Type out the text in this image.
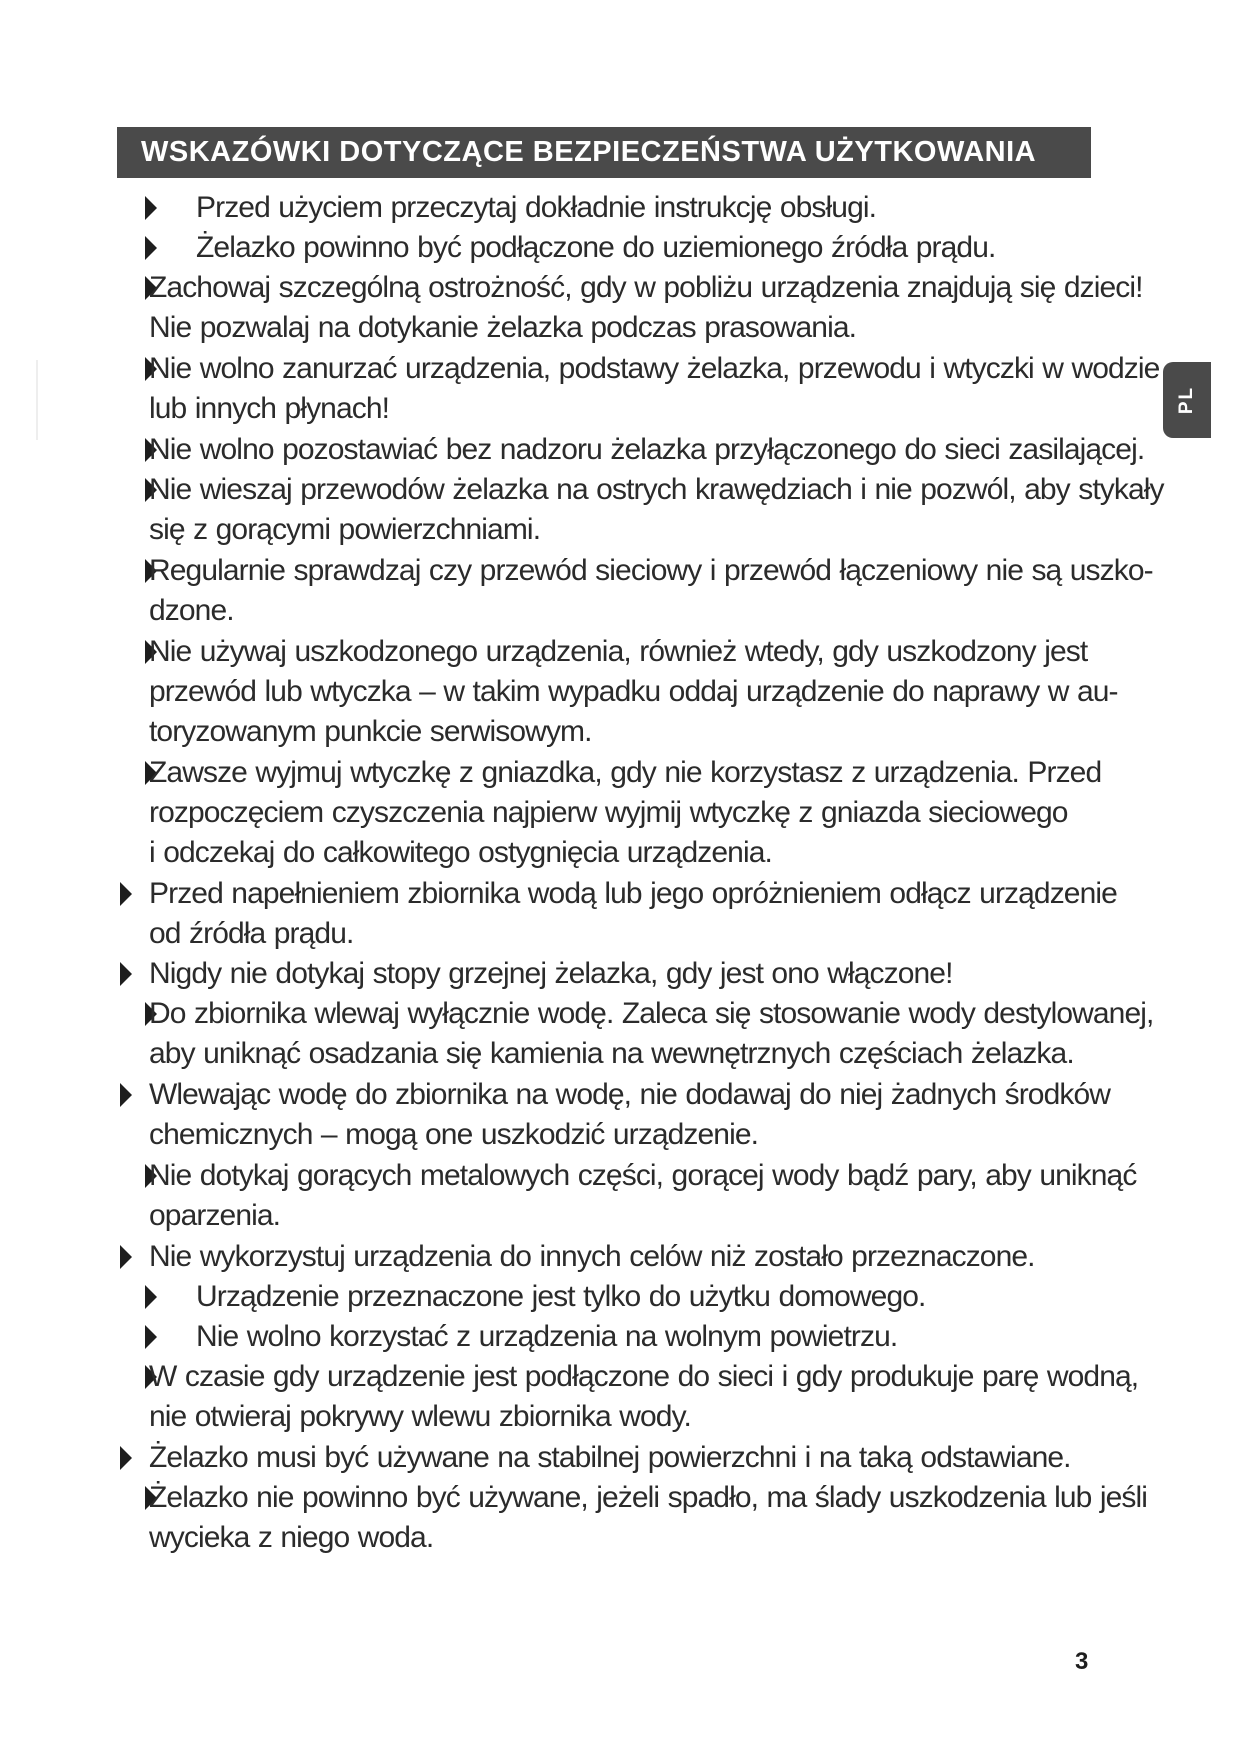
WSKAZÓWKI DOTYCZĄCE BEZPIECZEŃSTWA UŻYTKOWANIA
PL
Przed użyciem przeczytaj dokładnie instrukcję obsługi.
Żelazko powinno być podłączone do uziemionego źródła prądu.
Zachowaj szczególną ostrożność, gdy w pobliżu urządzenia znajdują się dzieci!
Nie pozwalaj na dotykanie żelazka podczas prasowania.
Nie wolno zanurzać urządzenia, podstawy żelazka, przewodu i wtyczki w wodzie
lub innych płynach!
Nie wolno pozostawiać bez nadzoru żelazka przyłączonego do sieci zasilającej.
Nie wieszaj przewodów żelazka na ostrych krawędziach i nie pozwól, aby stykały
się z gorącymi powierzchniami.
Regularnie sprawdzaj czy przewód sieciowy i przewód łączeniowy nie są uszko-
dzone.
Nie używaj uszkodzonego urządzenia, również wtedy, gdy uszkodzony jest
przewód lub wtyczka – w takim wypadku oddaj urządzenie do naprawy w au-
toryzowanym punkcie serwisowym.
Zawsze wyjmuj wtyczkę z gniazdka, gdy nie korzystasz z urządzenia. Przed
rozpoczęciem czyszczenia najpierw wyjmij wtyczkę z gniazda sieciowego
i odczekaj do całkowitego ostygnięcia urządzenia.
Przed napełnieniem zbiornika wodą lub jego opróżnieniem odłącz urządzenie
od źródła prądu.
Nigdy nie dotykaj stopy grzejnej żelazka, gdy jest ono włączone!
Do zbiornika wlewaj wyłącznie wodę. Zaleca się stosowanie wody destylowanej,
aby uniknąć osadzania się kamienia na wewnętrznych częściach żelazka.
Wlewając wodę do zbiornika na wodę, nie dodawaj do niej żadnych środków
chemicznych – mogą one uszkodzić urządzenie.
Nie dotykaj gorących metalowych części, gorącej wody bądź pary, aby uniknąć
oparzenia.
Nie wykorzystuj urządzenia do innych celów niż zostało przeznaczone.
Urządzenie przeznaczone jest tylko do użytku domowego.
Nie wolno korzystać z urządzenia na wolnym powietrzu.
W czasie gdy urządzenie jest podłączone do sieci i gdy produkuje parę wodną,
nie otwieraj pokrywy wlewu zbiornika wody.
Żelazko musi być używane na stabilnej powierzchni i na taką odstawiane.
Żelazko nie powinno być używane, jeżeli spadło, ma ślady uszkodzenia lub jeśli
wycieka z niego woda.
3
